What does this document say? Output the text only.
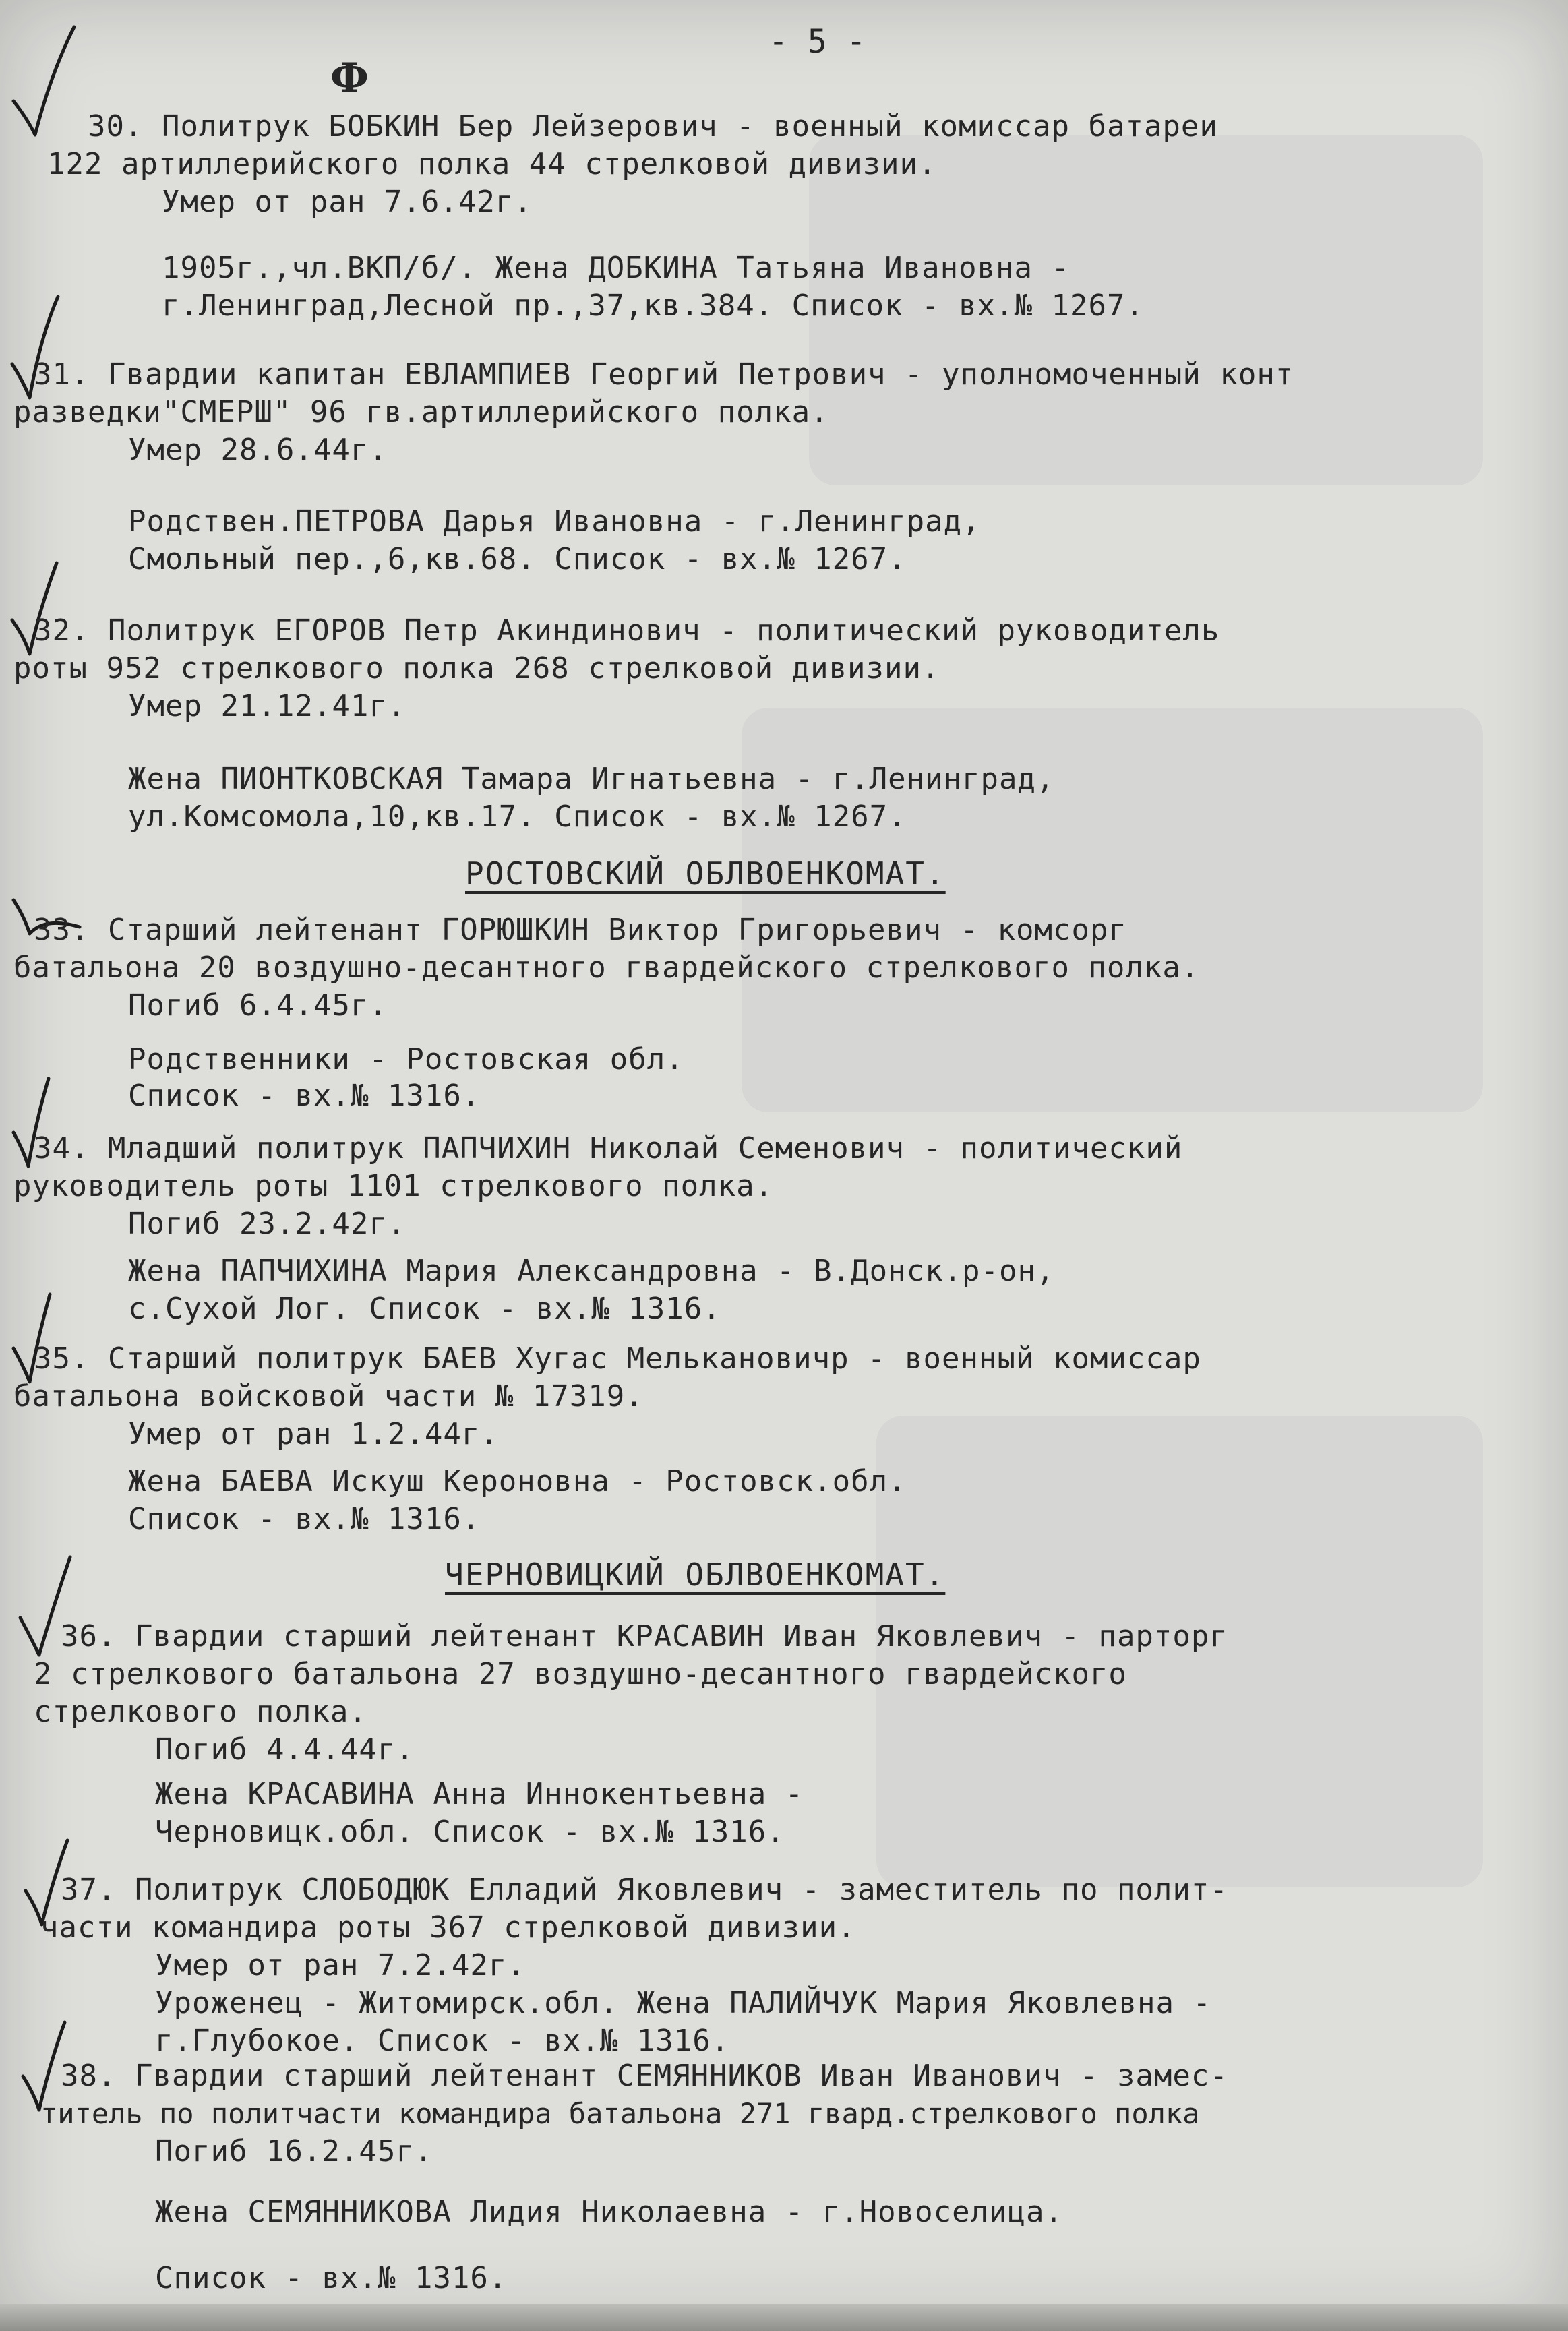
- 5 -
Ф
30. Политрук БОБКИН Бер Лейзерович - военный комиссар батареи
122 артиллерийского полка 44 стрелковой дивизии.
Умер от ран 7.6.42г.
1905г.,чл.ВКП/б/. Жена ДОБКИНА Татьяна Ивановна -
г.Ленинград,Лесной пр.,37,кв.384. Список - вх.№ 1267.
31. Гвардии капитан ЕВЛАМПИЕВ Георгий Петрович - уполномоченный конт
разведки"СМЕРШ" 96 гв.артиллерийского полка.
Умер 28.6.44г.
Родствен.ПЕТРОВА Дарья Ивановна - г.Ленинград,
Смольный пер.,6,кв.68. Список - вх.№ 1267.
32. Политрук ЕГОРОВ Петр Акиндинович - политический руководитель
роты 952 стрелкового полка 268 стрелковой дивизии.
Умер 21.12.41г.
Жена ПИОНТКОВСКАЯ Тамара Игнатьевна - г.Ленинград,
ул.Комсомола,10,кв.17. Список - вх.№ 1267.
РОСТОВСКИЙ ОБЛВОЕНКОМАТ.
33. Старший лейтенант ГОРЮШКИН Виктор Григорьевич - комсорг
батальона 20 воздушно-десантного гвардейского стрелкового полка.
Погиб 6.4.45г.
Родственники - Ростовская обл.
Список - вх.№ 1316.
34. Младший политрук ПАПЧИХИН Николай Семенович - политический
руководитель роты 1101 стрелкового полка.
Погиб 23.2.42г.
Жена ПАПЧИХИНА Мария Александровна - В.Донск.р-он,
с.Сухой Лог. Список - вх.№ 1316.
35. Старший политрук БАЕВ Хугас Мелькановичр - военный комиссар
батальона войсковой части № 17319.
Умер от ран 1.2.44г.
Жена БАЕВА Искуш Кероновна - Ростовск.обл.
Список - вх.№ 1316.
ЧЕРНОВИЦКИЙ ОБЛВОЕНКОМАТ.
36. Гвардии старший лейтенант КРАСАВИН Иван Яковлевич - парторг
2 стрелкового батальона 27 воздушно-десантного гвардейского
стрелкового полка.
Погиб 4.4.44г.
Жена КРАСАВИНА Анна Иннокентьевна -
Черновицк.обл. Список - вх.№ 1316.
37. Политрук СЛОБОДЮК Елладий Яковлевич - заместитель по полит-
части командира роты 367 стрелковой дивизии.
Умер от ран 7.2.42г.
Уроженец - Житомирск.обл. Жена ПАЛИЙЧУК Мария Яковлевна -
г.Глубокое. Список - вх.№ 1316.
38. Гвардии старший лейтенант СЕМЯННИКОВ Иван Иванович - замес-
титель по политчасти командира батальона 271 гвард.стрелкового полка
Погиб 16.2.45г.
Жена СЕМЯННИКОВА Лидия Николаевна - г.Новоселица.
Список - вх.№ 1316.
